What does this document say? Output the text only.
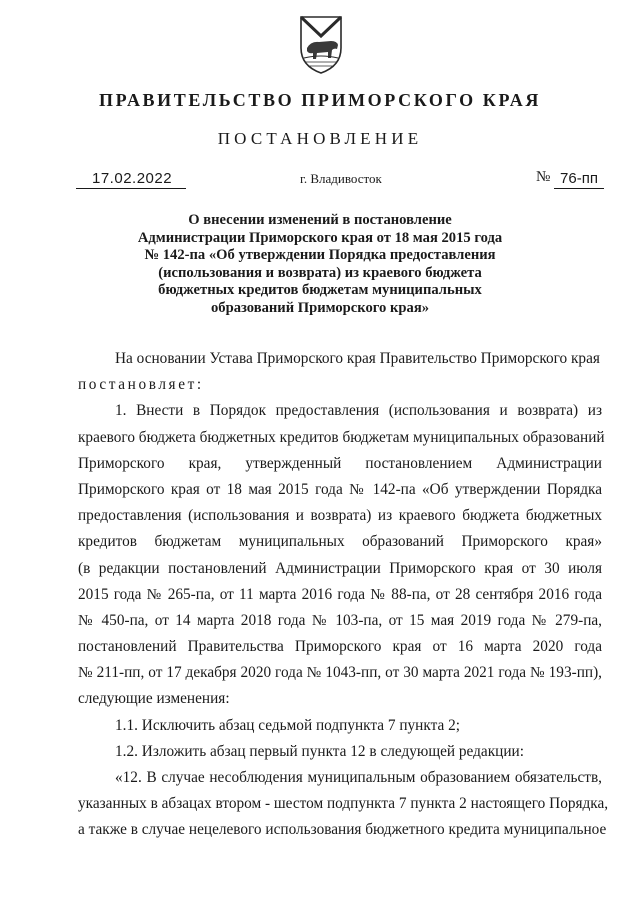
ПРАВИТЕЛЬСТВО ПРИМОРСКОГО КРАЯ
ПОСТАНОВЛЕНИЕ
17.02.2022	г. Владивосток	№ 76-пп
О внесении изменений в постановление
Администрации Приморского края от 18 мая 2015 года
№ 142-па «Об утверждении Порядка предоставления
(использования и возврата) из краевого бюджета
бюджетных кредитов бюджетам муниципальных
образований Приморского края»
На основании Устава Приморского края Правительство Приморского края
постановляет:
1. Внести в Порядок предоставления (использования и возврата) из
краевого бюджета бюджетных кредитов бюджетам муниципальных образований
Приморского края, утвержденный постановлением Администрации
Приморского края от 18 мая 2015 года № 142-па «Об утверждении Порядка
предоставления (использования и возврата) из краевого бюджета бюджетных
кредитов бюджетам муниципальных образований Приморского края»
(в редакции постановлений Администрации Приморского края от 30 июля
2015 года № 265-па, от 11 марта 2016 года № 88-па, от 28 сентября 2016 года
№ 450-па, от 14 марта 2018 года № 103-па, от 15 мая 2019 года № 279-па,
постановлений Правительства Приморского края от 16 марта 2020 года
№ 211-пп, от 17 декабря 2020 года № 1043-пп, от 30 марта 2021 года № 193-пп),
следующие изменения:
1.1. Исключить абзац седьмой подпункта 7 пункта 2;
1.2. Изложить абзац первый пункта 12 в следующей редакции:
«12. В случае несоблюдения муниципальным образованием обязательств,
указанных в абзацах втором - шестом подпункта 7 пункта 2 настоящего Порядка,
а также в случае нецелевого использования бюджетного кредита муниципальное
